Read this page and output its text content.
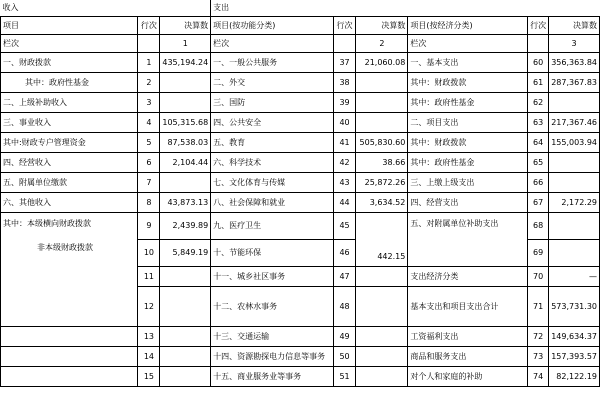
收入			支出					
项目	行次	决算数	项目(按功能分类)	行次	决算数	项目(按经济分类)	行次	决算数
栏次		1	栏次		2	栏次		3
一、财政拨款	1	435,194.24	一、一般公共服务	37	21,060.08	一、基本支出	60	356,363.84
其中：政府性基金	2		二、外交	38		其中：财政拨款	61	287,367.83
二、上级补助收入	3		三、国防	39		其中：政府性基金	62	
三、事业收入	4	105,315.68	四、公共安全	40		二、项目支出	63	217,367.46
其中:财政专户管理资金	5	87,538.03	五、教育	41	505,830.60	其中：财政拨款	64	155,003.94
四、经营收入	6	2,104.44	六、科学技术	42	38.66	其中：政府性基金	65	
五、附属单位缴款	7		七、文化体育与传媒	43	25,872.26	三、上缴上级支出	66	
六、其他收入	8	43,873.13	八、社会保障和就业	44	3,634.52	四、经营支出	67	2,172.29

其中：本级横向财政拨款
非本级财政拨款	9	2,439.89	九、医疗卫生	45	442.15	五、对附属单位补助支出	68	
	10	5,849.19	十、节能环保	46			69	
	11		十一、城乡社区事务	47		支出经济分类	70	—
	12		十二、农林水事务	48		基本支出和项目支出合计	71	573,731.30
	13		十三、交通运输	49		工资福利支出	72	149,634.37
	14		十四、资源勘探电力信息等事务	50		商品和服务支出	73	157,393.57
	15		十五、商业服务业等事务	51		对个人和家庭的补助	74	82,122.19
